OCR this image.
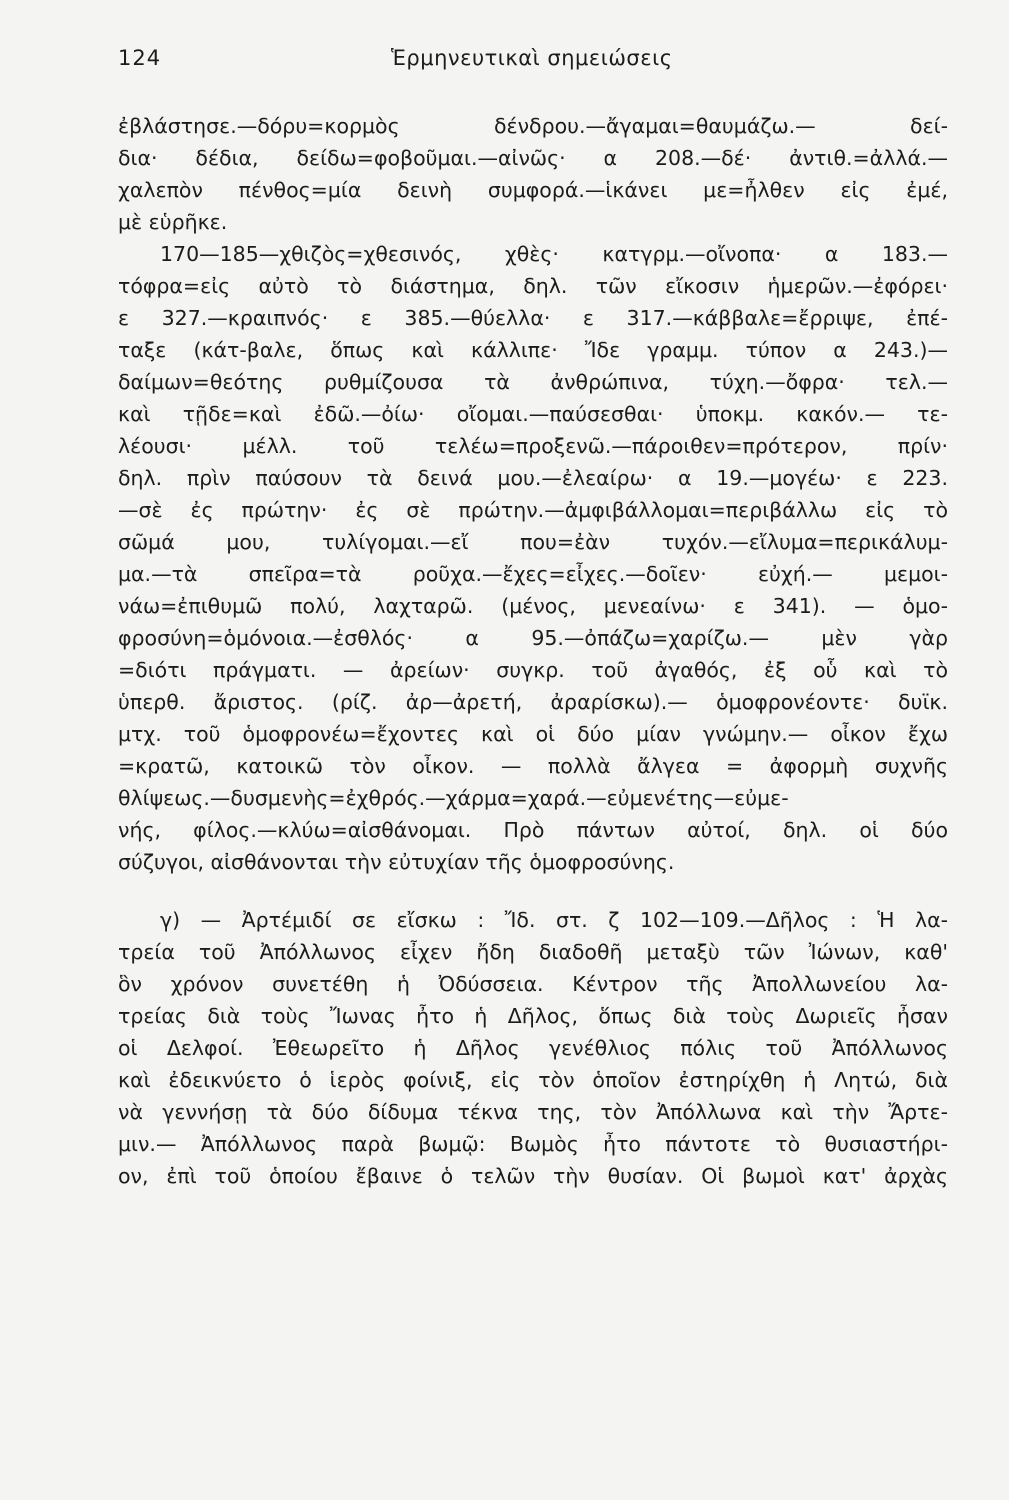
124	Ἑρμηνευτικαὶ σημειώσεις
ἐβλάστησε.—δόρυ=κορμὸς δένδρου.—ἄγαμαι=θαυμάζω.— δεί-
δια· δέδια, δείδω=φοβοῦμαι.—αἰνῶς· α 208.—δέ· ἀντιθ.=ἀλλά.—
χαλεπὸν πένθος=μία δεινὴ συμφορά.—ἱκάνει με=ἦλθεν εἰς ἐμέ,
μὲ εὑρῆκε.
170—185—χθιζὸς=χθεσινός, χθὲς· κατγρμ.—οἴνοπα· α 183.—
τόφρα=εἰς αὐτὸ τὸ διάστημα, δηλ. τῶν εἴκοσιν ἡμερῶν.—ἐφόρει·
ε 327.—κραιπνός· ε 385.—θύελλα· ε 317.—κάββαλε=ἔρριψε, ἐπέ-
ταξε (κάτ-βαλε, ὅπως καὶ κάλλιπε· Ἴδε γραμμ. τύπον α 243.)—
δαίμων=θεότης ρυθμίζουσα τὰ ἀνθρώπινα, τύχη.—ὄφρα· τελ.—
καὶ τῇδε=καὶ ἐδῶ.—ὀίω· οἴομαι.—παύσεσθαι· ὑποκμ. κακόν.— τε-
λέουσι· μέλλ. τοῦ τελέω=προξενῶ.—πάροιθεν=πρότερον, πρίν·
δηλ. πρὶν παύσουν τὰ δεινά μου.—ἐλεαίρω· α 19.—μογέω· ε 223.
—σὲ ἐς πρώτην· ἐς σὲ πρώτην.—ἀμφιβάλλομαι=περιβάλλω εἰς τὸ
σῶμά μου, τυλίγομαι.—εἴ που=ἐὰν τυχόν.—εἴλυμα=περικάλυμ-
μα.—τὰ σπεῖρα=τὰ ροῦχα.—ἔχες=εἶχες.—δοῖεν· εὐχή.— μεμοι-
νάω=ἐπιθυμῶ πολύ, λαχταρῶ. (μένος, μενεαίνω· ε 341). — ὁμο-
φροσύνη=ὁμόνοια.—ἐσθλός· α 95.—ὀπάζω=χαρίζω.— μὲν γὰρ
=διότι πράγματι. — ἀρείων· συγκρ. τοῦ ἀγαθός, ἐξ οὗ καὶ τὸ
ὑπερθ. ἄριστος. (ρίζ. ἀρ—ἀρετή, ἀραρίσκω).— ὁμοφρονέοντε· δυϊκ.
μτχ. τοῦ ὁμοφρονέω=ἔχοντες καὶ οἱ δύο μίαν γνώμην.— οἶκον ἔχω
=κρατῶ, κατοικῶ τὸν οἶκον. — πολλὰ ἄλγεα = ἀφορμὴ συχνῆς
θλίψεως.—δυσμενὴς=ἐχθρός.—χάρμα=χαρά.—εὐμενέτης—εὐμε-
νής, φίλος.—κλύω=αἰσθάνομαι. Πρὸ πάντων αὐτοί, δηλ. οἱ δύο
σύζυγοι, αἰσθάνονται τὴν εὐτυχίαν τῆς ὁμοφροσύνης.
γ) — Ἀρτέμιδί σε εἴσκω : Ἴδ. στ. ζ 102—109.—Δῆλος : Ἡ λα-
τρεία τοῦ Ἀπόλλωνος εἶχεν ἤδη διαδοθῆ μεταξὺ τῶν Ἰώνων, καθ'
ὃν χρόνον συνετέθη ἡ Ὀδύσσεια. Κέντρον τῆς Ἀπολλωνείου λα-
τρείας διὰ τοὺς Ἴωνας ἦτο ἡ Δῆλος, ὅπως διὰ τοὺς Δωριεῖς ἦσαν
οἱ Δελφοί. Ἐθεωρεῖτο ἡ Δῆλος γενέθλιος πόλις τοῦ Ἀπόλλωνος
καὶ ἐδεικνύετο ὁ ἱερὸς φοίνιξ, εἰς τὸν ὁποῖον ἐστηρίχθη ἡ Λητώ, διὰ
νὰ γεννήσῃ τὰ δύο δίδυμα τέκνα της, τὸν Ἀπόλλωνα καὶ τὴν Ἄρτε-
μιν.— Ἀπόλλωνος παρὰ βωμῷ: Βωμὸς ἦτο πάντοτε τὸ θυσιαστήρι-
ον, ἐπὶ τοῦ ὁποίου ἔβαινε ὁ τελῶν τὴν θυσίαν. Οἱ βωμοὶ κατ' ἀρχὰς
